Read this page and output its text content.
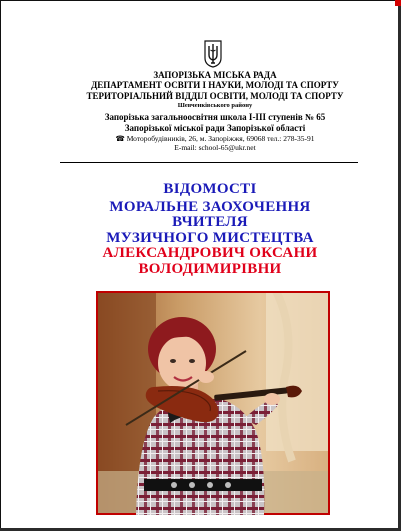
ЗАПОРІЗЬКА МІСЬКА РАДА
ДЕПАРТАМЕНТ ОСВІТИ І НАУКИ, МОЛОДІ ТА СПОРТУ
ТЕРИТОРІАЛЬНИЙ ВІДДІЛ ОСВІТИ, МОЛОДІ ТА СПОРТУ
Шевченківського району
Запорізька загальноосвітня школа І-ІІІ ступенів № 65
Запорізької міської ради Запорізької області
☎ Моторобудівників, 26, м. Запоріжжя, 69068 тел.: 278-35-91
E-mail: school-65@ukr.net
ВІДОМОСТІ
МОРАЛЬНЕ ЗАОХОЧЕННЯ
ВЧИТЕЛЯ
МУЗИЧНОГО МИСТЕЦТВА
АЛЕКСАНДРОВИЧ ОКСАНИ
ВОЛОДИМИРІВНИ
